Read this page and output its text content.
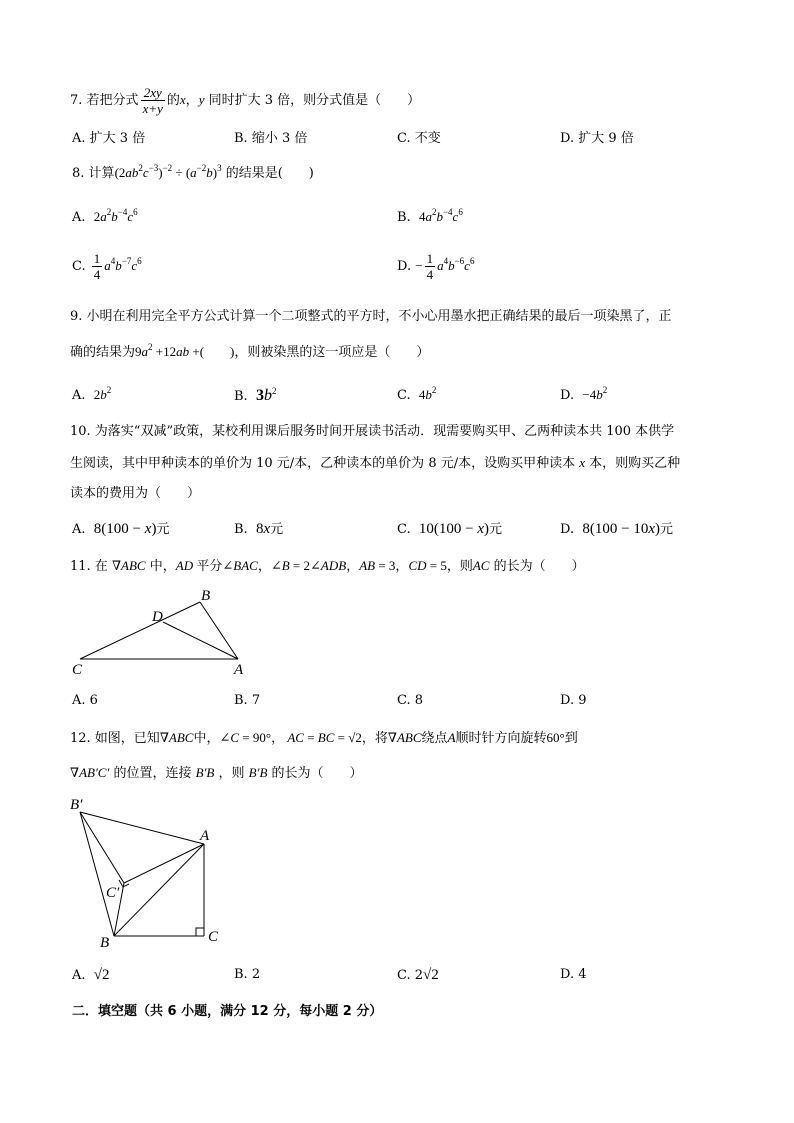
7. 若把分式 $\frac{2xy}{x+y}$ 的x，y 同时扩大 3 倍，则分式值是（　　）
A. 扩大 3 倍	B. 缩小 3 倍	C. 不变	D. 扩大 9 倍
8. 计算$(2ab^2c^{-3})^{-2} \div (a^{-2}b)^3$ 的结果是(　　)
A. $2a^2b^{-4}c^6$	B. $4a^2b^{-4}c^6$
C. $\frac{1}{4} a^4b^{-7}c^6$	D. − $\frac{1}{4} a^4b^{-6}c^6$
9. 小明在利用完全平方公式计算一个二项整式的平方时，不小心用墨水把正确结果的最后一项染黑了，正
确的结果为$9a^2 +12ab$ +(　　)，则被染黑的这一项应是（　　）
A. $2b^2$	B. $3b^2$	C. $4b^2$	D. $-4b^2$
10. 为落实“双减”政策，某校利用课后服务时间开展读书活动．现需要购买甲、乙两种读本共 100 本供学
生阅读，其中甲种读本的单价为 10 元/本，乙种读本的单价为 8 元/本，设购买甲种读本 x 本，则购买乙种
读本的费用为（　　）
A. 8(100 − x)元	B. 8x元	C. 10(100 − x)元	D. 8(100 − 10x)元
11. 在 ∇ABC 中，AD 平分∠BAC，∠B = 2∠ADB，AB = 3，CD = 5，则AC 的长为（　　）
B
D
C	A
A. 6	B. 7	C. 8	D. 9
12. 如图，已知∇ABC中，∠C = 90°， AC = BC = √2，将∇ABC绕点A顺时针方向旋转60°到
∇AB′C′ 的位置，连接 B′B ，则 B′B 的长为（　　）
B′
A
C′
B	C
A. √2	B. 2	C. 2√2	D. 4
二．填空题（共 6 小题，满分 12 分，每小题 2 分）
